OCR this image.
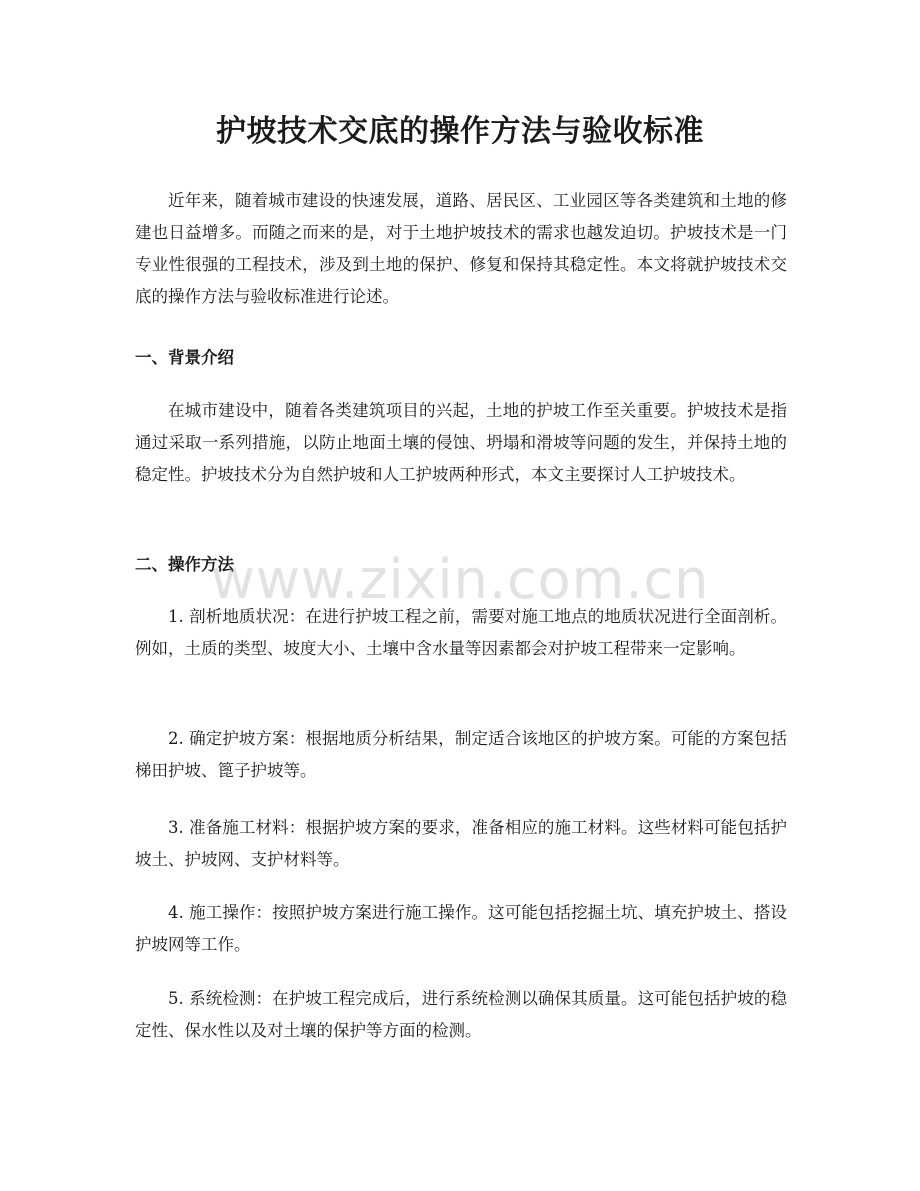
护坡技术交底的操作方法与验收标准

近年来，随着城市建设的快速发展，道路、居民区、工业园区等各类建筑和土地的修建也日益增多。而随之而来的是，对于土地护坡技术的需求也越发迫切。护坡技术是一门专业性很强的工程技术，涉及到土地的保护、修复和保持其稳定性。本文将就护坡技术交底的操作方法与验收标准进行论述。

一、背景介绍

在城市建设中，随着各类建筑项目的兴起，土地的护坡工作至关重要。护坡技术是指通过采取一系列措施，以防止地面土壤的侵蚀、坍塌和滑坡等问题的发生，并保持土地的稳定性。护坡技术分为自然护坡和人工护坡两种形式，本文主要探讨人工护坡技术。

二、操作方法

1. 剖析地质状况：在进行护坡工程之前，需要对施工地点的地质状况进行全面剖析。例如，土质的类型、坡度大小、土壤中含水量等因素都会对护坡工程带来一定影响。

2. 确定护坡方案：根据地质分析结果，制定适合该地区的护坡方案。可能的方案包括梯田护坡、篦子护坡等。

3. 准备施工材料：根据护坡方案的要求，准备相应的施工材料。这些材料可能包括护坡土、护坡网、支护材料等。

4. 施工操作：按照护坡方案进行施工操作。这可能包括挖掘土坑、填充护坡土、搭设护坡网等工作。

5. 系统检测：在护坡工程完成后，进行系统检测以确保其质量。这可能包括护坡的稳定性、保水性以及对土壤的保护等方面的检测。

www.zixin.com.cn
